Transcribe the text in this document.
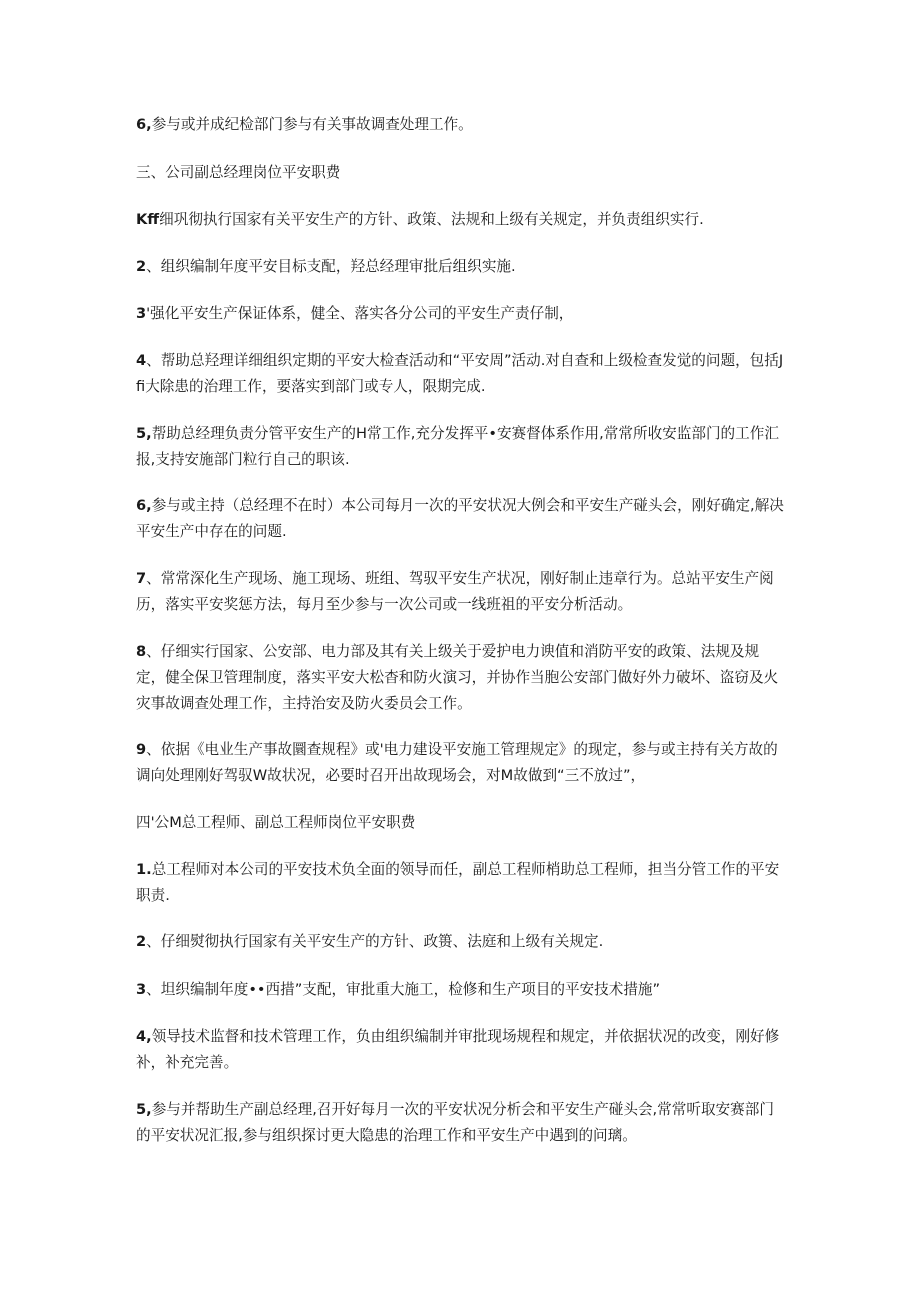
6,参与或并成纪检部门参与有关事故调查处理工作。

三、公司副总经理岗位平安职费

Kff细巩彻执行国家有关平安生产的方针、政策、法规和上级有关规定，并负责组织实行.

2、组织编制年度平安目标支配，羟总经理审批后组织实施.

3'强化平安生产保证体系，健全、落实各分公司的平安生产责仔制，

4、帮助总羟理详细组织定期的平安大检查活动和“平安周”活动.对自查和上级检查发觉的问题，包括Jfi大除患的治理工作，要落实到部门或专人，限期完成.

5,帮助总经理负责分管平安生产的H常工作,充分发挥平•安赛督体系作用,常常所收安监部门的工作汇报,支持安施部门粒行自己的职该.

6,参与或主持（总经理不在时）本公司每月一次的平安状况大例会和平安生产碰头会，刚好确定,解决平安生产中存在的问题.

7、常常深化生产现场、施工现场、班组、驾驭平安生产状况，刚好制止违章行为。总站平安生产阅历，落实平安奖惩方法，每月至少参与一次公司或一线班祖的平安分析活动。

8、仔细实行国家、公安部、电力部及其有关上级关于爱护电力谀值和消防平安的政策、法规及规定，健全保卫管理制度，落实平安大松杳和防火演习，并协作当胞公安部门做好外力破坏、盗窃及火灾事故调查处理工作，主持治安及防火委员会工作。

9、依据《电业生产事故圜查规程》或'电力建设平安施工管理规定》的现定，参与或主持有关方故的调向处理刚好驾驭W故状况，必要时召开出故现场会，对M故做到“三不放过”，

四'公M总工程师、副总工程师岗位平安职费

1.总工程师对本公司的平安技术负全面的领导而任，副总工程师梢助总工程师，担当分管工作的平安职责.

2、仔细熨彻执行国家有关平安生产的方针、政篑、法庭和上级有关规定.

3、坦织编制年度••西措”支配，审批重大施工，检修和生产项目的平安技术措施”

4,领导技术监督和技术管理工作，负由组织编制并审批现场规程和规定，并依据状况的改变，刚好修补，补充完善。

5,参与并帮助生产副总经理,召开好每月一次的平安状况分析会和平安生产碰头会,常常听取安赛部门的平安状况汇报,参与组织探讨更大隐患的治理工作和平安生产中遇到的问璃。
